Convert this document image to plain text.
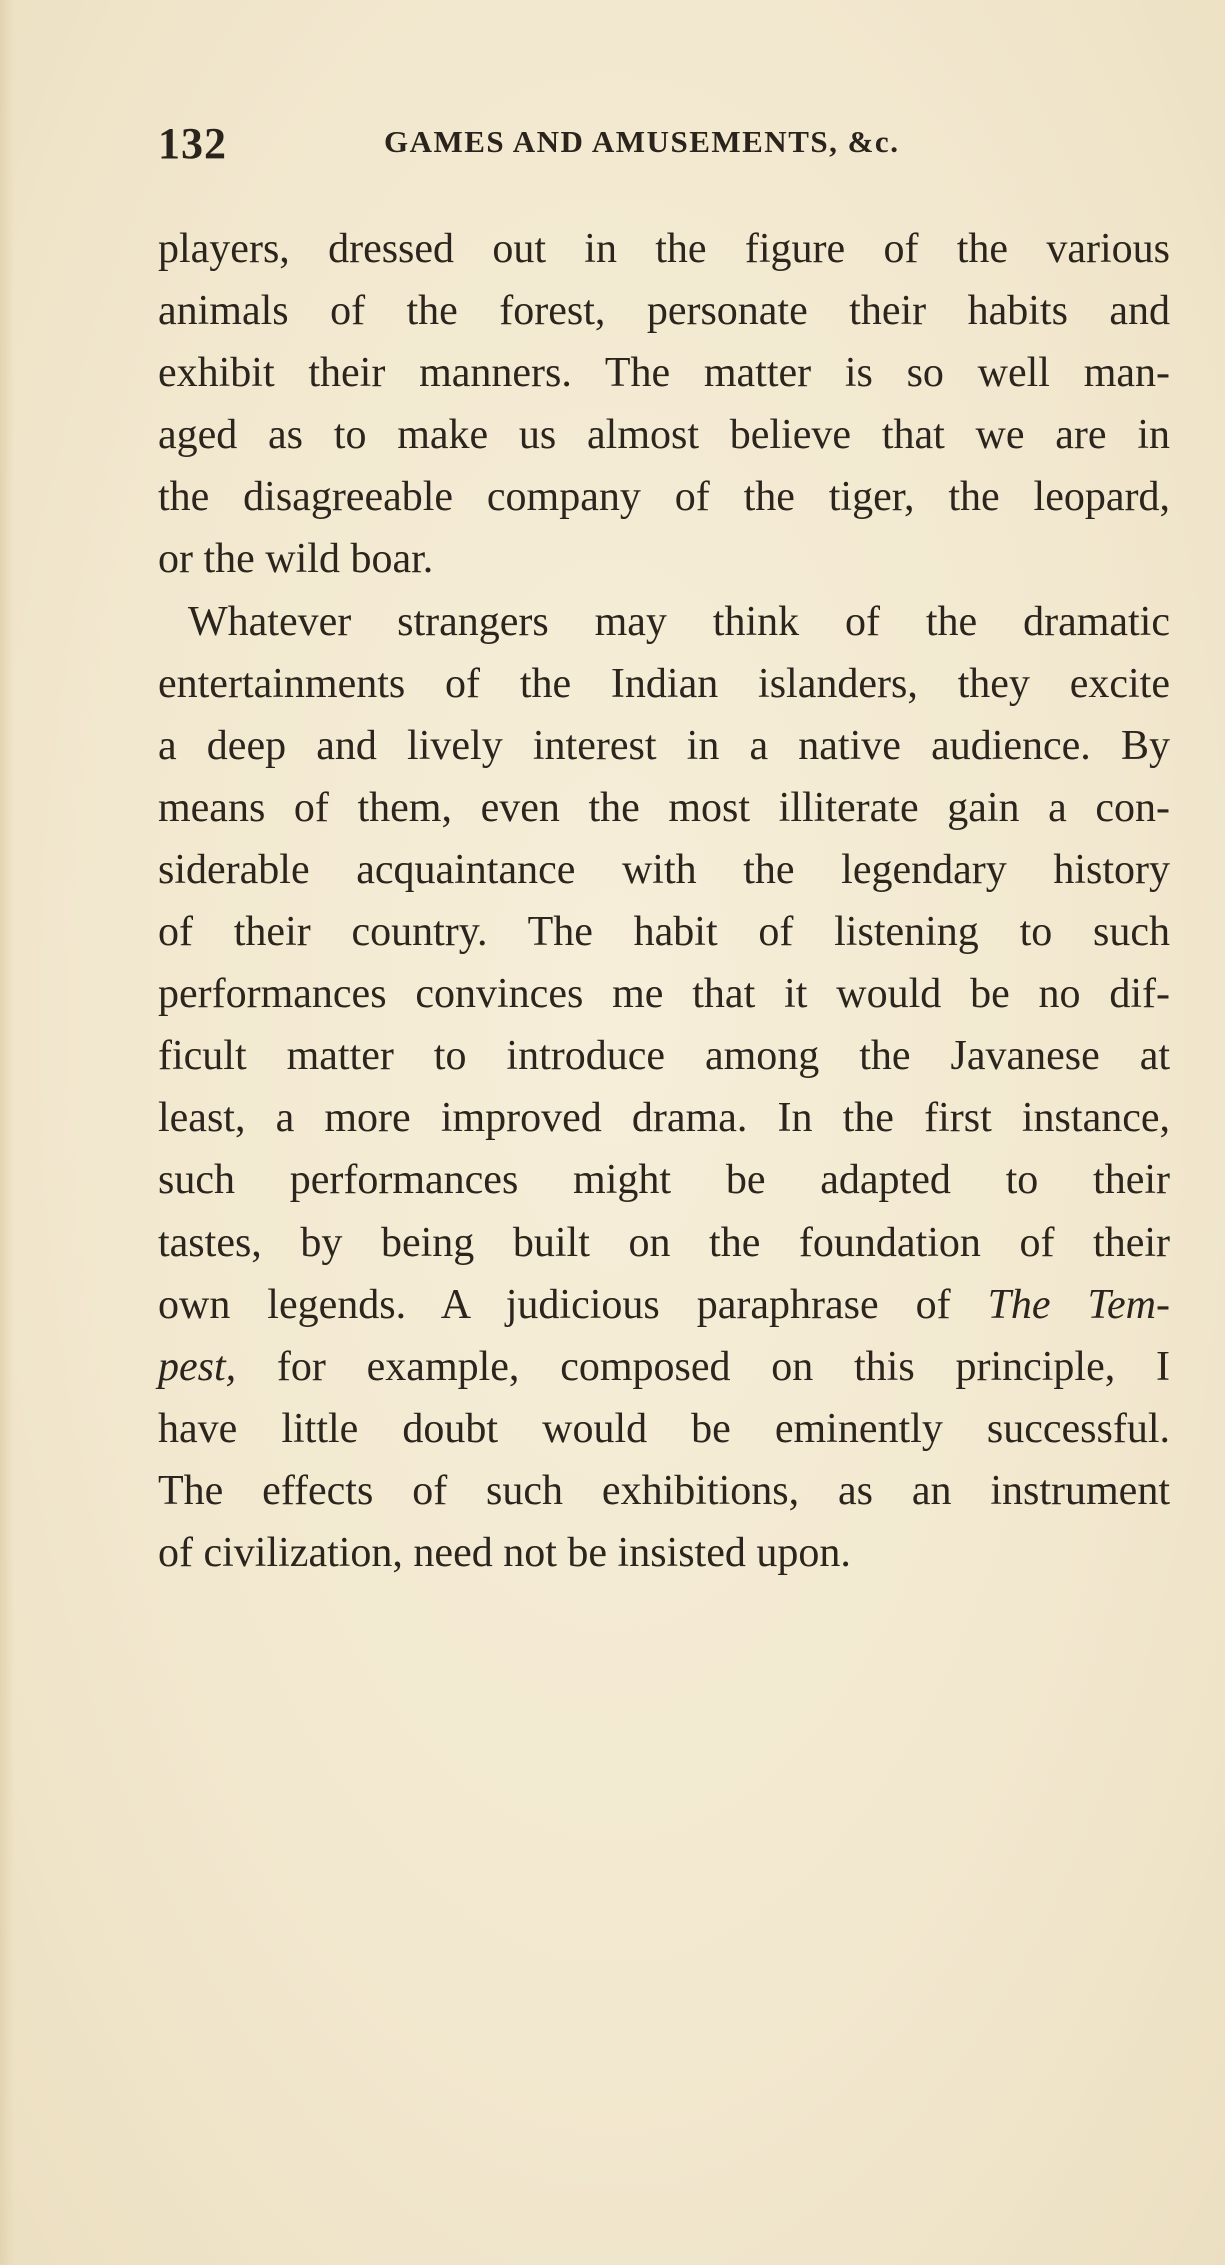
132	GAMES AND AMUSEMENTS, &c.
players, dressed out in the figure of the various
animals of the forest, personate their habits and
exhibit their manners. The matter is so well man-
aged as to make us almost believe that we are in
the disagreeable company of the tiger, the leopard,
or the wild boar.
Whatever strangers may think of the dramatic
entertainments of the Indian islanders, they excite
a deep and lively interest in a native audience. By
means of them, even the most illiterate gain a con-
siderable acquaintance with the legendary history
of their country. The habit of listening to such
performances convinces me that it would be no dif-
ficult matter to introduce among the Javanese at
least, a more improved drama. In the first instance,
such performances might be adapted to their
tastes, by being built on the foundation of their
own legends. A judicious paraphrase of The Tem-
pest, for example, composed on this principle, I
have little doubt would be eminently successful.
The effects of such exhibitions, as an instrument
of civilization, need not be insisted upon.
